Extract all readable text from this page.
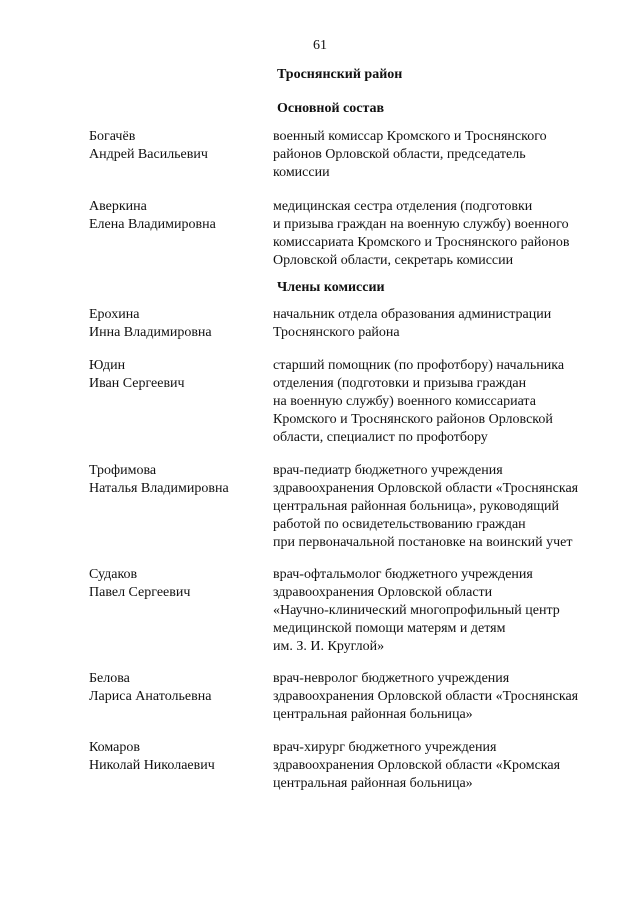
61
Троснянский район
Основной состав
Богачёв
Андрей Васильевич
военный комиссар Кромского и Троснянского
районов Орловской области, председатель
комиссии
Аверкина
Елена Владимировна
медицинская сестра отделения (подготовки
и призыва граждан на военную службу) военного
комиссариата Кромского и Троснянского районов
Орловской области, секретарь комиссии
Члены комиссии
Ерохина
Инна Владимировна
начальник отдела образования администрации
Троснянского района
Юдин
Иван Сергеевич
старший помощник (по профотбору) начальника
отделения (подготовки и призыва граждан
на военную службу) военного комиссариата
Кромского и Троснянского районов Орловской
области, специалист по профотбору
Трофимова
Наталья Владимировна
врач-педиатр бюджетного учреждения
здравоохранения Орловской области «Троснянская
центральная районная больница», руководящий
работой по освидетельствованию граждан
при первоначальной постановке на воинский учет
Судаков
Павел Сергеевич
врач-офтальмолог бюджетного учреждения
здравоохранения Орловской области
«Научно-клинический многопрофильный центр
медицинской помощи матерям и детям
им. З. И. Круглой»
Белова
Лариса Анатольевна
врач-невролог бюджетного учреждения
здравоохранения Орловской области «Троснянская
центральная районная больница»
Комаров
Николай Николаевич
врач-хирург бюджетного учреждения
здравоохранения Орловской области «Кромская
центральная районная больница»
